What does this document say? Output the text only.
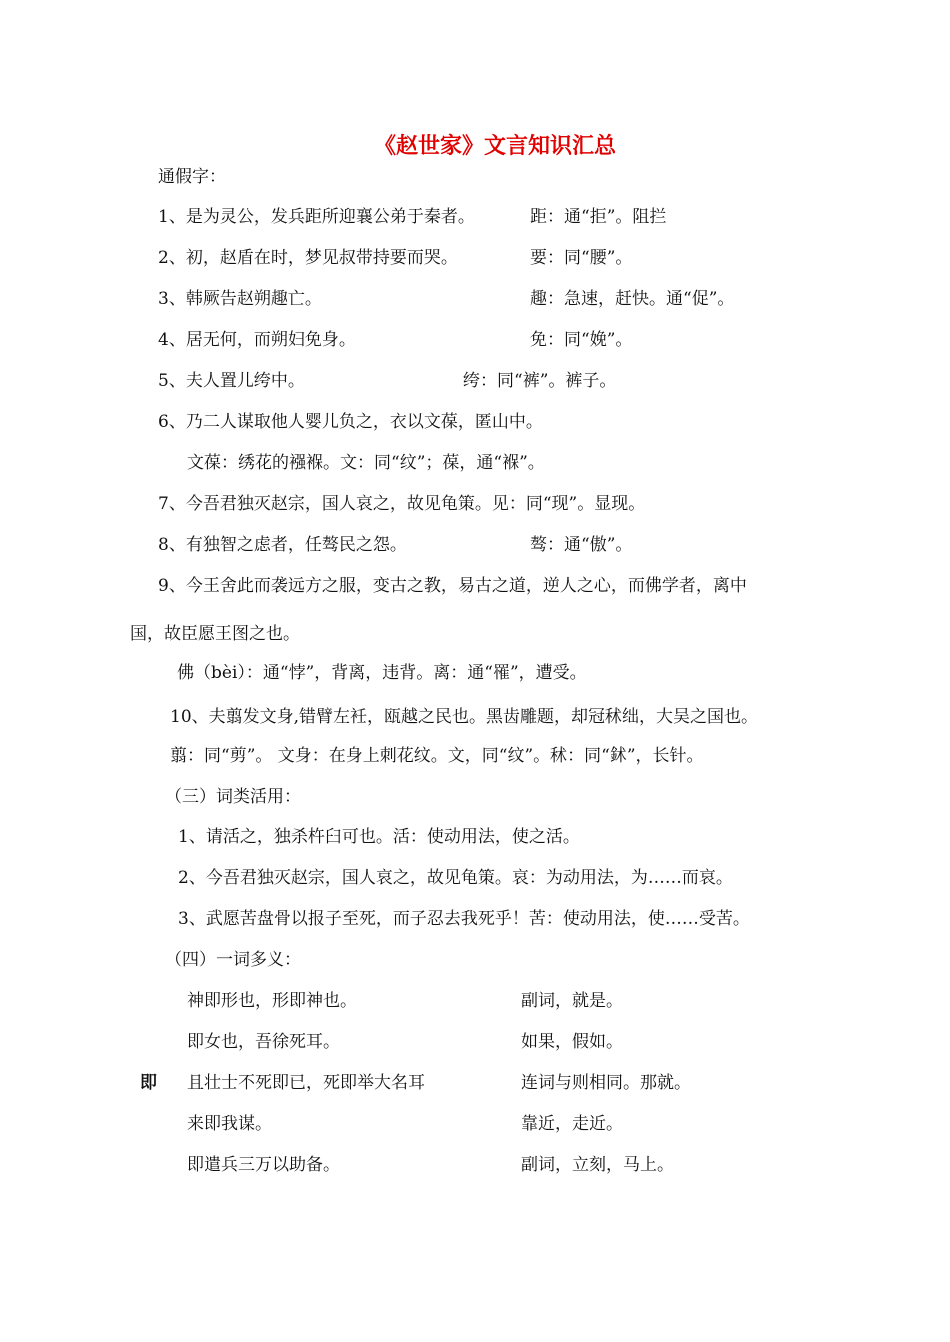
《赵世家》文言知识汇总
通假字：
1、是为灵公，发兵距所迎襄公弟于秦者。	距：通“拒”。阻拦
2、初，赵盾在时，梦见叔带持要而哭。	要：同“腰”。
3、韩厥告赵朔趣亡。	趣：急速，赶快。通“促”。
4、居无何，而朔妇免身。	免：同“娩”。
5、夫人置儿绔中。	绔：同“裤”。裤子。
6、乃二人谋取他人婴儿负之，衣以文葆，匿山中。
文葆：绣花的襁褓。文：同“纹”；葆，通“褓”。
7、今吾君独灭赵宗，国人哀之，故见龟策。见：同“现”。显现。
8、有独智之虑者，任骜民之怨。	骜：通“傲”。
9、今王舍此而袭远方之服，变古之教，易古之道，逆人之心，而佛学者，离中
国，故臣愿王图之也。
佛（bèi）：通“悖”，背离，违背。离：通“罹”，遭受。
10、夫翦发文身,错臂左衽，瓯越之民也。黑齿雕题，却冠秫绌，大吴之国也。
翦：同“剪”。 文身：在身上刺花纹。文，同“纹”。秫：同“鉥”，长针。
（三）词类活用：
1、请活之，独杀杵臼可也。活：使动用法，使之活。
2、今吾君独灭赵宗，国人哀之，故见龟策。哀：为动用法，为……而哀。
3、武愿苦盘骨以报子至死，而子忍去我死乎！苦：使动用法，使……受苦。
（四）一词多义：
即
神即形也，形即神也。	副词，就是。
即女也，吾徐死耳。	如果，假如。
且壮士不死即已，死即举大名耳	连词与则相同。那就。
来即我谋。	靠近，走近。
即遣兵三万以助备。	副词，立刻，马上。
